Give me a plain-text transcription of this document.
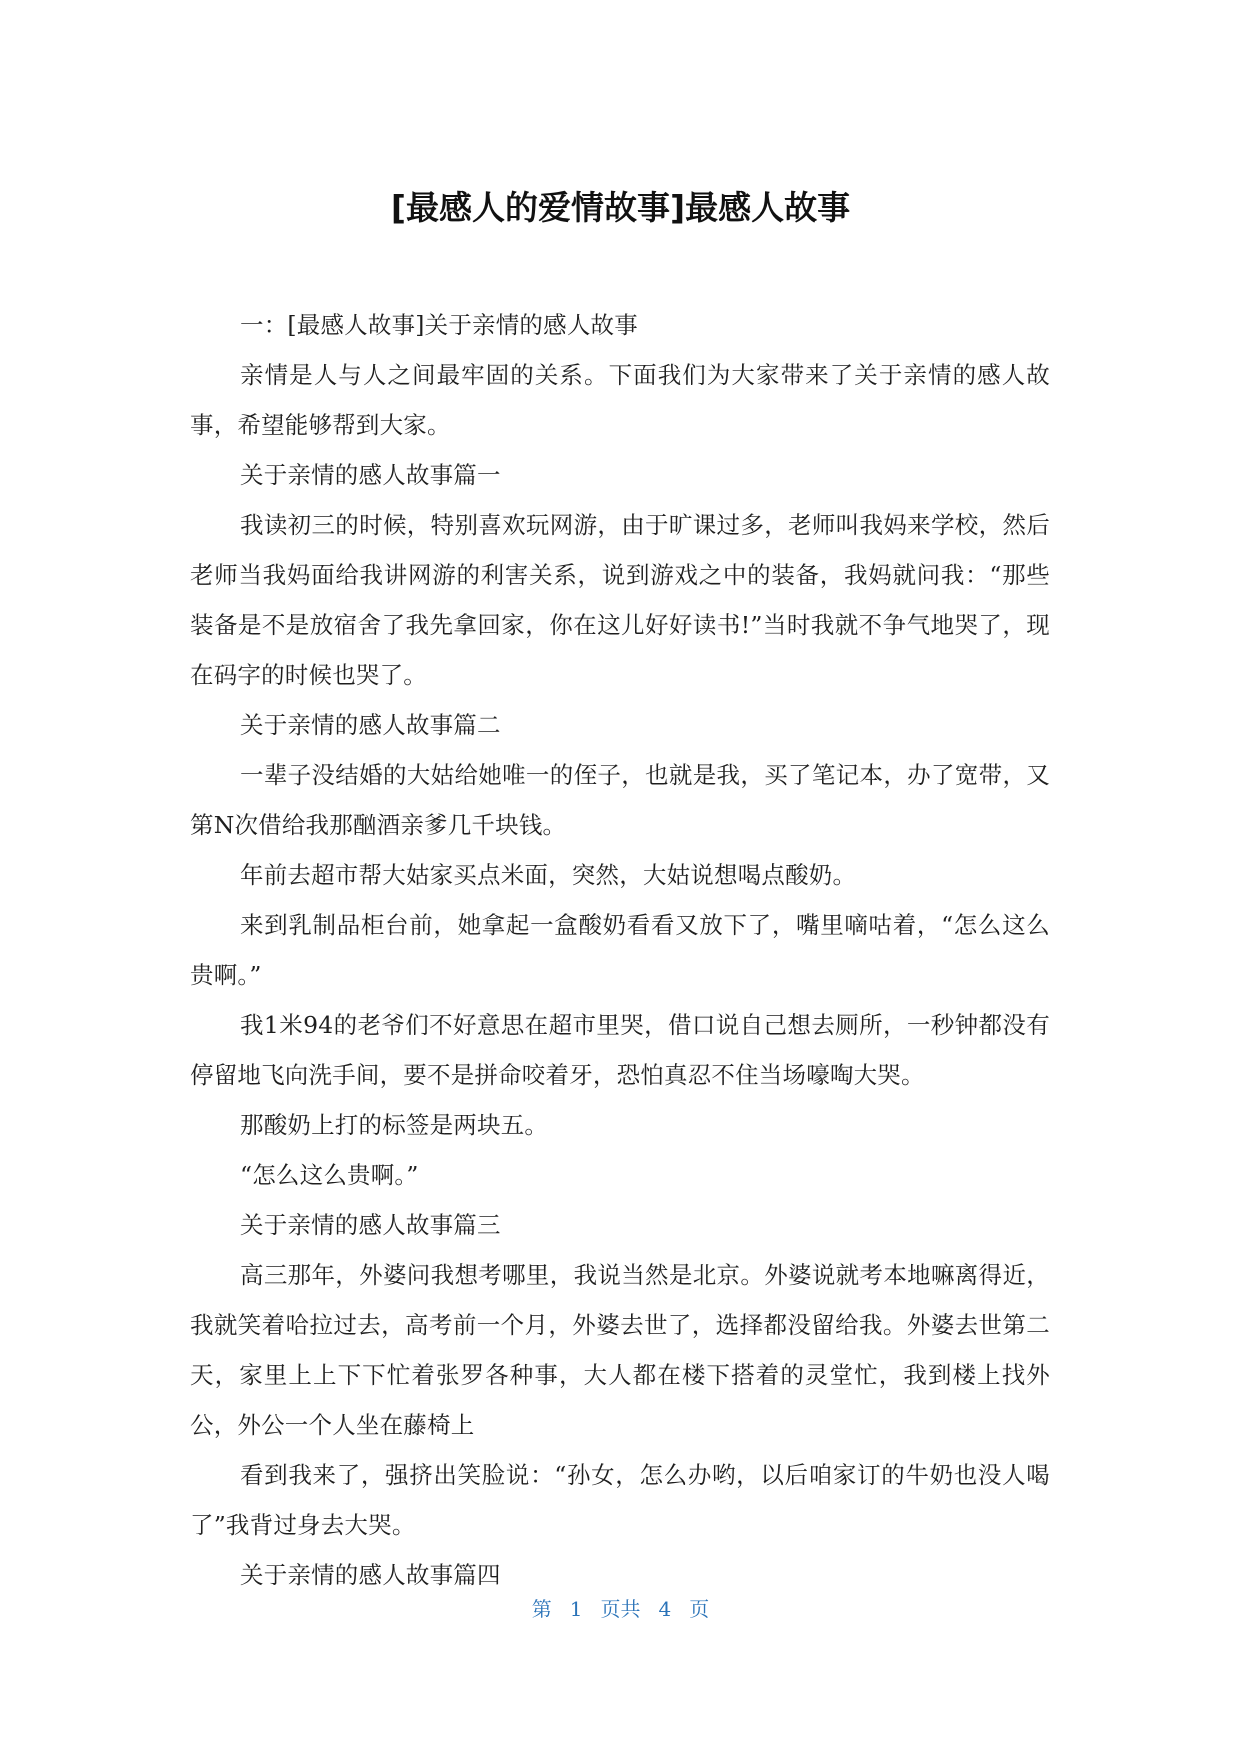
[最感人的爱情故事]最感人故事

一：[最感人故事]关于亲情的感人故事

亲情是人与人之间最牢固的关系。下面我们为大家带来了关于亲情的感人故事，希望能够帮到大家。

关于亲情的感人故事篇一

我读初三的时候，特别喜欢玩网游，由于旷课过多，老师叫我妈来学校，然后老师当我妈面给我讲网游的利害关系，说到游戏之中的装备，我妈就问我：“那些装备是不是放宿舍了我先拿回家，你在这儿好好读书!”当时我就不争气地哭了，现在码字的时候也哭了。

关于亲情的感人故事篇二

一辈子没结婚的大姑给她唯一的侄子，也就是我，买了笔记本，办了宽带，又第N次借给我那酗酒亲爹几千块钱。

年前去超市帮大姑家买点米面，突然，大姑说想喝点酸奶。

来到乳制品柜台前，她拿起一盒酸奶看看又放下了，嘴里嘀咕着，“怎么这么贵啊。”

我1米94的老爷们不好意思在超市里哭，借口说自己想去厕所，一秒钟都没有停留地飞向洗手间，要不是拼命咬着牙，恐怕真忍不住当场嚎啕大哭。

那酸奶上打的标签是两块五。

“怎么这么贵啊。”

关于亲情的感人故事篇三

高三那年，外婆问我想考哪里，我说当然是北京。外婆说就考本地嘛离得近，我就笑着哈拉过去，高考前一个月，外婆去世了，选择都没留给我。外婆去世第二天，家里上上下下忙着张罗各种事，大人都在楼下搭着的灵堂忙，我到楼上找外公，外公一个人坐在藤椅上

看到我来了，强挤出笑脸说：“孙女，怎么办哟，以后咱家订的牛奶也没人喝了”我背过身去大哭。

关于亲情的感人故事篇四

第 1 页共 4 页
